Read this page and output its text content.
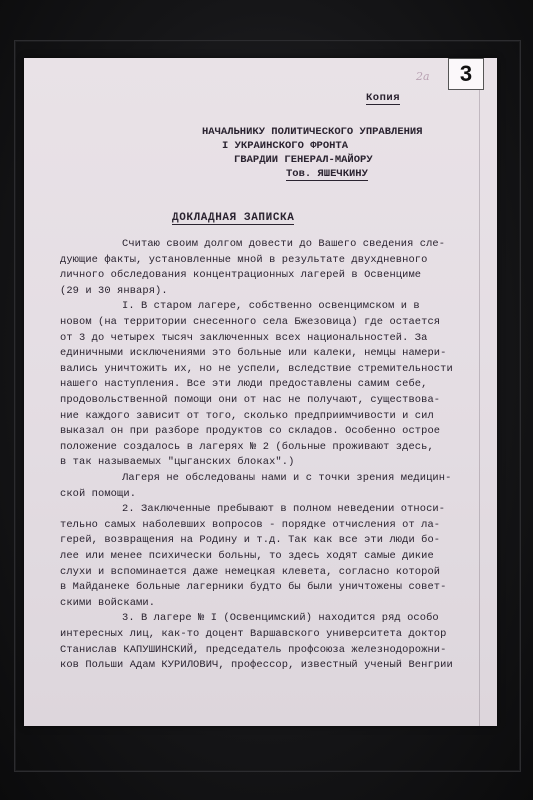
3
2а
Копия
НАЧАЛЬНИКУ ПОЛИТИЧЕСКОГО УПРАВЛЕНИЯ
I УКРАИНСКОГО ФРОНТА
ГВАРДИИ ГЕНЕРАЛ-МАЙОРУ
Тов. ЯШЕЧКИНУ
ДОКЛАДНАЯ ЗАПИСКА
Считаю своим долгом довести до Вашего сведения сле-
дующие факты, установленные мной в результате двухдневного
личного обследования концентрационных лагерей в Освенциме
(29 и 30 января).
I. В старом лагере, собственно освенцимском и в
новом (на территории снесенного села Бжезовица) где остается
от 3 до четырех тысяч заключенных всех национальностей. За
единичными исключениями это больные или калеки, немцы намери-
вались уничтожить их, но не успели, вследствие стремительности
нашего наступления. Все эти люди предоставлены самим себе,
продовольственной помощи они от нас не получают, существова-
ние каждого зависит от того, сколько предприимчивости и сил
выказал он при разборе продуктов со складов. Особенно острое
положение создалось в лагерях № 2 (больные проживают здесь,
в так называемых "цыганских блоках".)
Лагеря не обследованы нами и с точки зрения медицин-
ской помощи.
2. Заключенные пребывают в полном неведении относи-
тельно самых наболевших вопросов - порядке отчисления от ла-
герей, возвращения на Родину и т.д. Так как все эти люди бо-
лее или менее психически больны, то здесь ходят самые дикие
слухи и вспоминается даже немецкая клевета, согласно которой
в Майданеке больные лагерники будто бы были уничтожены совет-
скими войсками.
3. В лагере № I (Освенцимский) находится ряд особо
интересных лиц, как-то доцент Варшавского университета доктор
Станислав КАПУШИНСКИЙ, председатель профсоюза железнодорожни-
ков Польши Адам КУРИЛОВИЧ, профессор, известный ученый Венгрии
